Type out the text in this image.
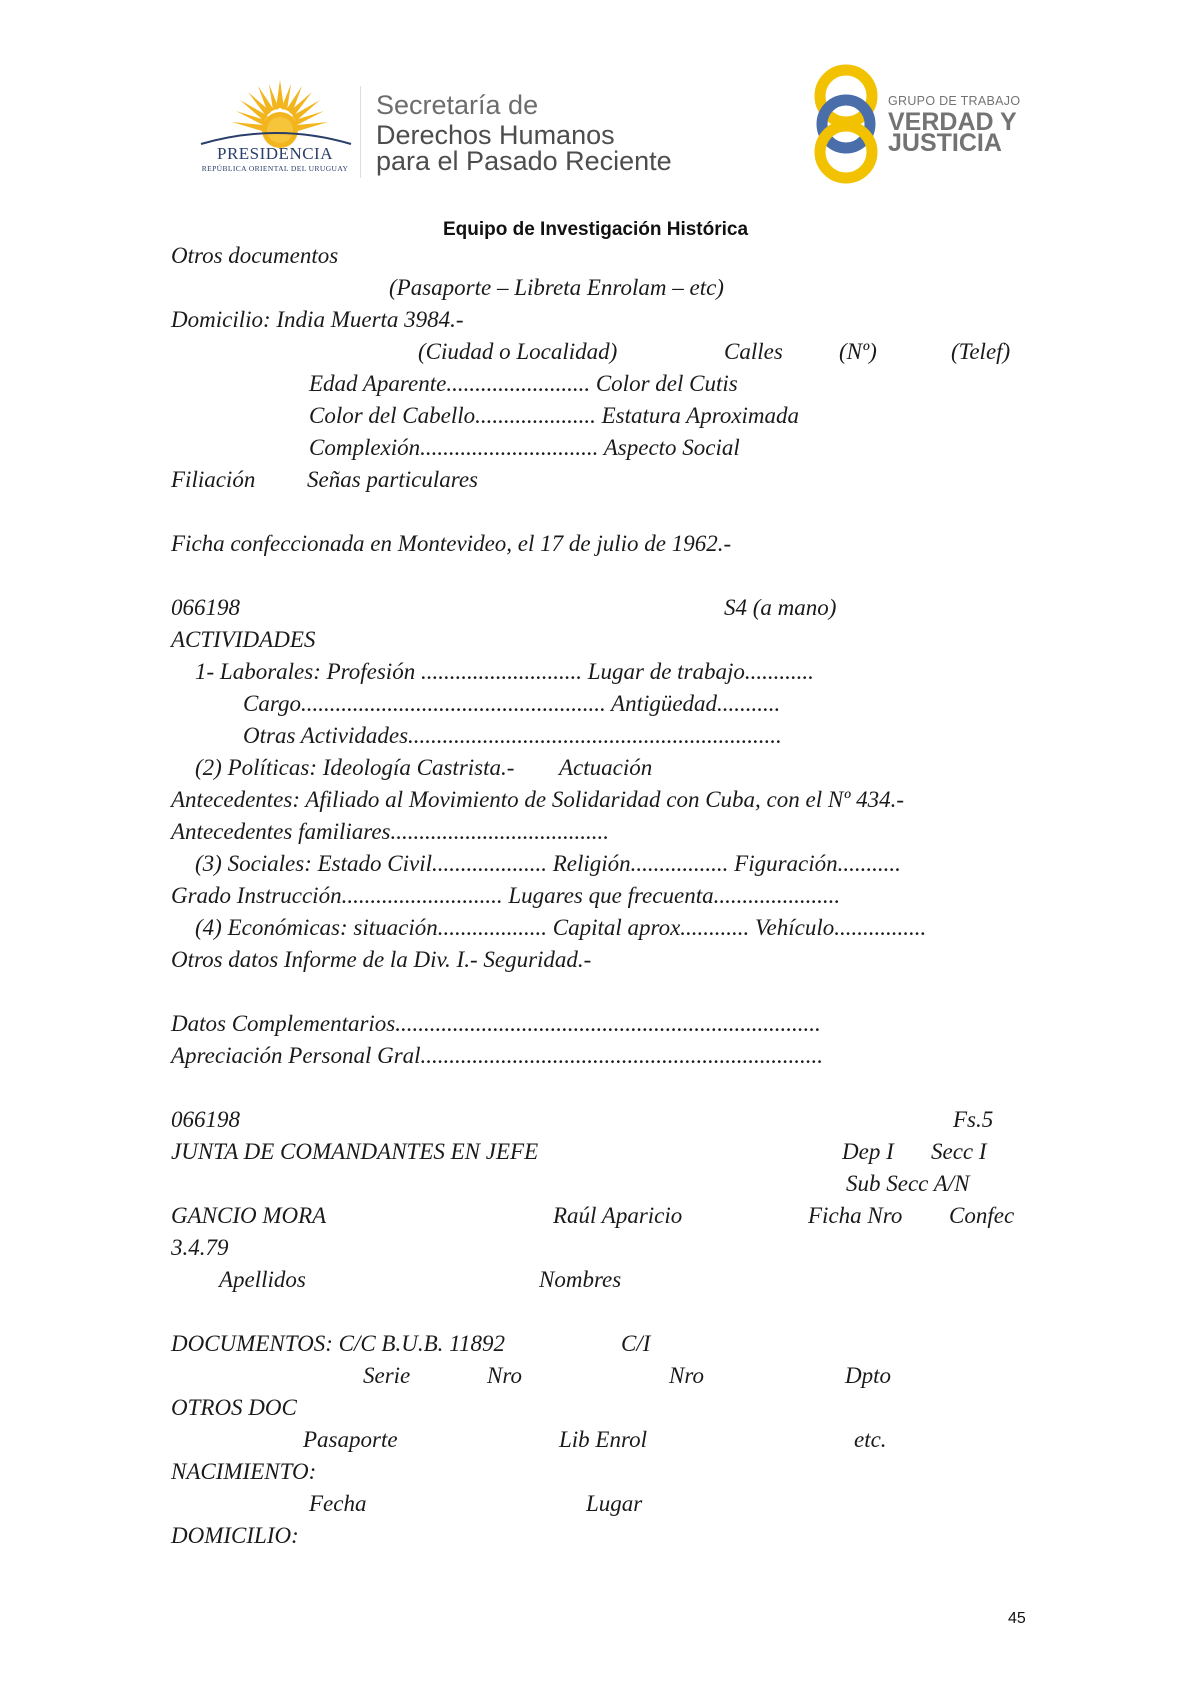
PRESIDENCIA
REPÚBLICA ORIENTAL DEL URUGUAY
Secretaría de
Derechos Humanos
para el Pasado Reciente
GRUPO DE TRABAJO
VERDAD Y
JUSTICIA
Equipo de Investigación Histórica
Otros documentos
(Pasaporte – Libreta Enrolam – etc)
Domicilio: India Muerta 3984.-
(Ciudad o Localidad)	Calles (Nº)	(Telef)
Edad Aparente......................... Color del Cutis
Color del Cabello..................... Estatura Aproximada
Complexión............................... Aspecto Social
Filiación Señas particulares
Ficha confeccionada en Montevideo, el 17 de julio de 1962.-
066198	S4 (a mano)
ACTIVIDADES
1- Laborales: Profesión ............................ Lugar de trabajo............
Cargo..................................................... Antigüedad...........
Otras Actividades.................................................................
(2) Políticas: Ideología Castrista.- Actuación
Antecedentes: Afiliado al Movimiento de Solidaridad con Cuba, con el Nº 434.-
Antecedentes familiares......................................
(3) Sociales: Estado Civil.................... Religión................. Figuración...........
Grado Instrucción............................ Lugares que frecuenta......................
(4) Económicas: situación................... Capital aprox............ Vehículo................
Otros datos Informe de la Div. I.- Seguridad.-
Datos Complementarios..........................................................................
Apreciación Personal Gral......................................................................
066198	Fs.5
JUNTA DE COMANDANTES EN JEFE	Dep I Secc I
Sub Secc A/N
GANCIO MORA	Raúl Aparicio	Ficha Nro Confec
3.4.79
Apellidos	Nombres
DOCUMENTOS: C/C B.U.B. 11892	C/I
Serie	Nro	Nro	Dpto
OTROS DOC
Pasaporte	Lib Enrol	etc.
NACIMIENTO:
Fecha	Lugar
DOMICILIO:
45
